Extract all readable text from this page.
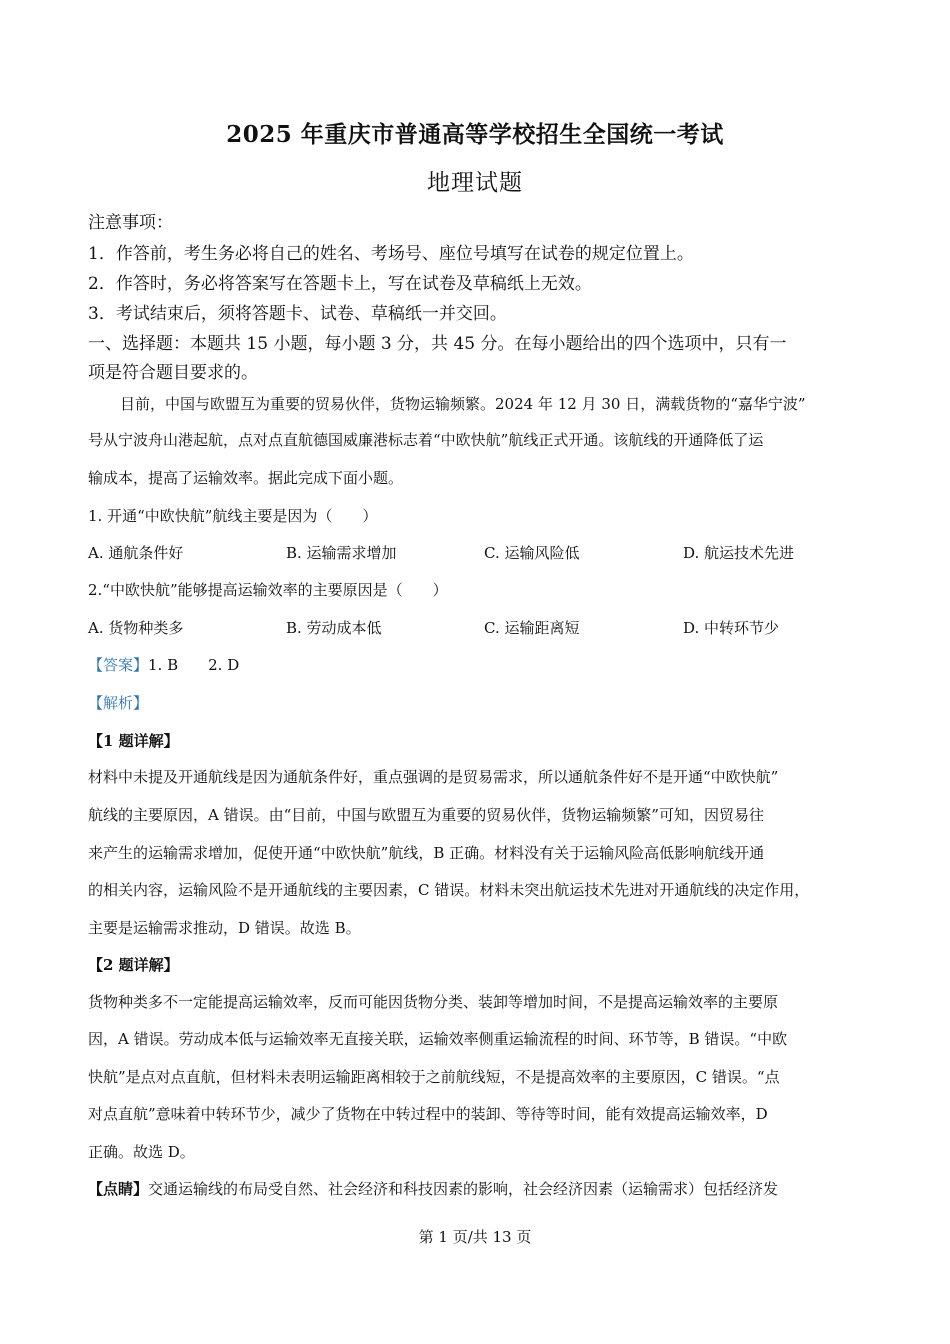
2025 年重庆市普通高等学校招生全国统一考试
地理试题
注意事项：
1．作答前，考生务必将自己的姓名、考场号、座位号填写在试卷的规定位置上。
2．作答时，务必将答案写在答题卡上，写在试卷及草稿纸上无效。
3．考试结束后，须将答题卡、试卷、草稿纸一并交回。
一、选择题：本题共 15 小题，每小题 3 分，共 45 分。在每小题给出的四个选项中，只有一
项是符合题目要求的。
目前，中国与欧盟互为重要的贸易伙伴，货物运输频繁。2024 年 12 月 30 日，满载货物的“嘉华宁波”
号从宁波舟山港起航，点对点直航德国威廉港标志着“中欧快航”航线正式开通。该航线的开通降低了运
输成本，提高了运输效率。据此完成下面小题。
1. 开通“中欧快航”航线主要是因为（　　）
A. 通航条件好	B. 运输需求增加	C. 运输风险低	D. 航运技术先进
2.“中欧快航”能够提高运输效率的主要原因是（　　）
A. 货物种类多	B. 劳动成本低	C. 运输距离短	D. 中转环节少
【答案】1. B　　2. D
【解析】
【1 题详解】
材料中未提及开通航线是因为通航条件好，重点强调的是贸易需求，所以通航条件好不是开通“中欧快航”
航线的主要原因，A 错误。由“目前，中国与欧盟互为重要的贸易伙伴，货物运输频繁”可知，因贸易往
来产生的运输需求增加，促使开通“中欧快航”航线，B 正确。材料没有关于运输风险高低影响航线开通
的相关内容，运输风险不是开通航线的主要因素，C 错误。材料未突出航运技术先进对开通航线的决定作用，
主要是运输需求推动，D 错误。故选 B。
【2 题详解】
货物种类多不一定能提高运输效率，反而可能因货物分类、装卸等增加时间，不是提高运输效率的主要原
因，A 错误。劳动成本低与运输效率无直接关联，运输效率侧重运输流程的时间、环节等，B 错误。“中欧
快航”是点对点直航，但材料未表明运输距离相较于之前航线短，不是提高效率的主要原因，C 错误。“点
对点直航”意味着中转环节少，减少了货物在中转过程中的装卸、等待等时间，能有效提高运输效率，D
正确。故选 D。
【点睛】交通运输线的布局受自然、社会经济和科技因素的影响，社会经济因素（运输需求）包括经济发
第 1 页/共 13 页
